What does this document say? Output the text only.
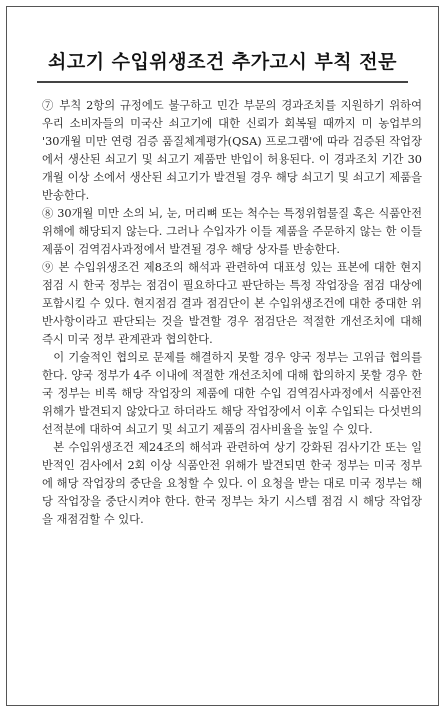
쇠고기 수입위생조건 추가고시 부칙 전문

⑦ 부칙 2항의 규정에도 불구하고 민간 부문의 경과조치를 지원하기 위하여 우리 소비자들의 미국산 쇠고기에 대한 신뢰가 회복될 때까지 미 농업부의 '30개월 미만 연령 검증 품질체계평가(QSA) 프로그램'에 따라 검증된 작업장에서 생산된 쇠고기 및 쇠고기 제품만 반입이 허용된다. 이 경과조치 기간 30개월 이상 소에서 생산된 쇠고기가 발견될 경우 해당 쇠고기 및 쇠고기 제품을 반송한다.

⑧ 30개월 미만 소의 뇌, 눈, 머리뼈 또는 척수는 특정위험물질 혹은 식품안전 위해에 해당되지 않는다. 그러나 수입자가 이들 제품을 주문하지 않는 한 이들 제품이 검역검사과정에서 발견될 경우 해당 상자를 반송한다.

⑨ 본 수입위생조건 제8조의 해석과 관련하여 대표성 있는 표본에 대한 현지점검 시 한국 정부는 점검이 필요하다고 판단하는 특정 작업장을 점검 대상에 포함시킬 수 있다. 현지점검 결과 점검단이 본 수입위생조건에 대한 중대한 위반사항이라고 판단되는 것을 발견할 경우 점검단은 적절한 개선조치에 대해 즉시 미국 정부 관계관과 협의한다.

이 기술적인 협의로 문제를 해결하지 못할 경우 양국 정부는 고위급 협의를 한다. 양국 정부가 4주 이내에 적절한 개선조치에 대해 합의하지 못할 경우 한국 정부는 비록 해당 작업장의 제품에 대한 수입 검역검사과정에서 식품안전 위해가 발견되지 않았다고 하더라도 해당 작업장에서 이후 수입되는 다섯번의 선적분에 대하여 쇠고기 및 쇠고기 제품의 검사비율을 높일 수 있다.

본 수입위생조건 제24조의 해석과 관련하여 상기 강화된 검사기간 또는 일반적인 검사에서 2회 이상 식품안전 위해가 발견되면 한국 정부는 미국 정부에 해당 작업장의 중단을 요청할 수 있다. 이 요청을 받는 대로 미국 정부는 해당 작업장을 중단시켜야 한다. 한국 정부는 차기 시스템 점검 시 해당 작업장을 재점검할 수 있다.
